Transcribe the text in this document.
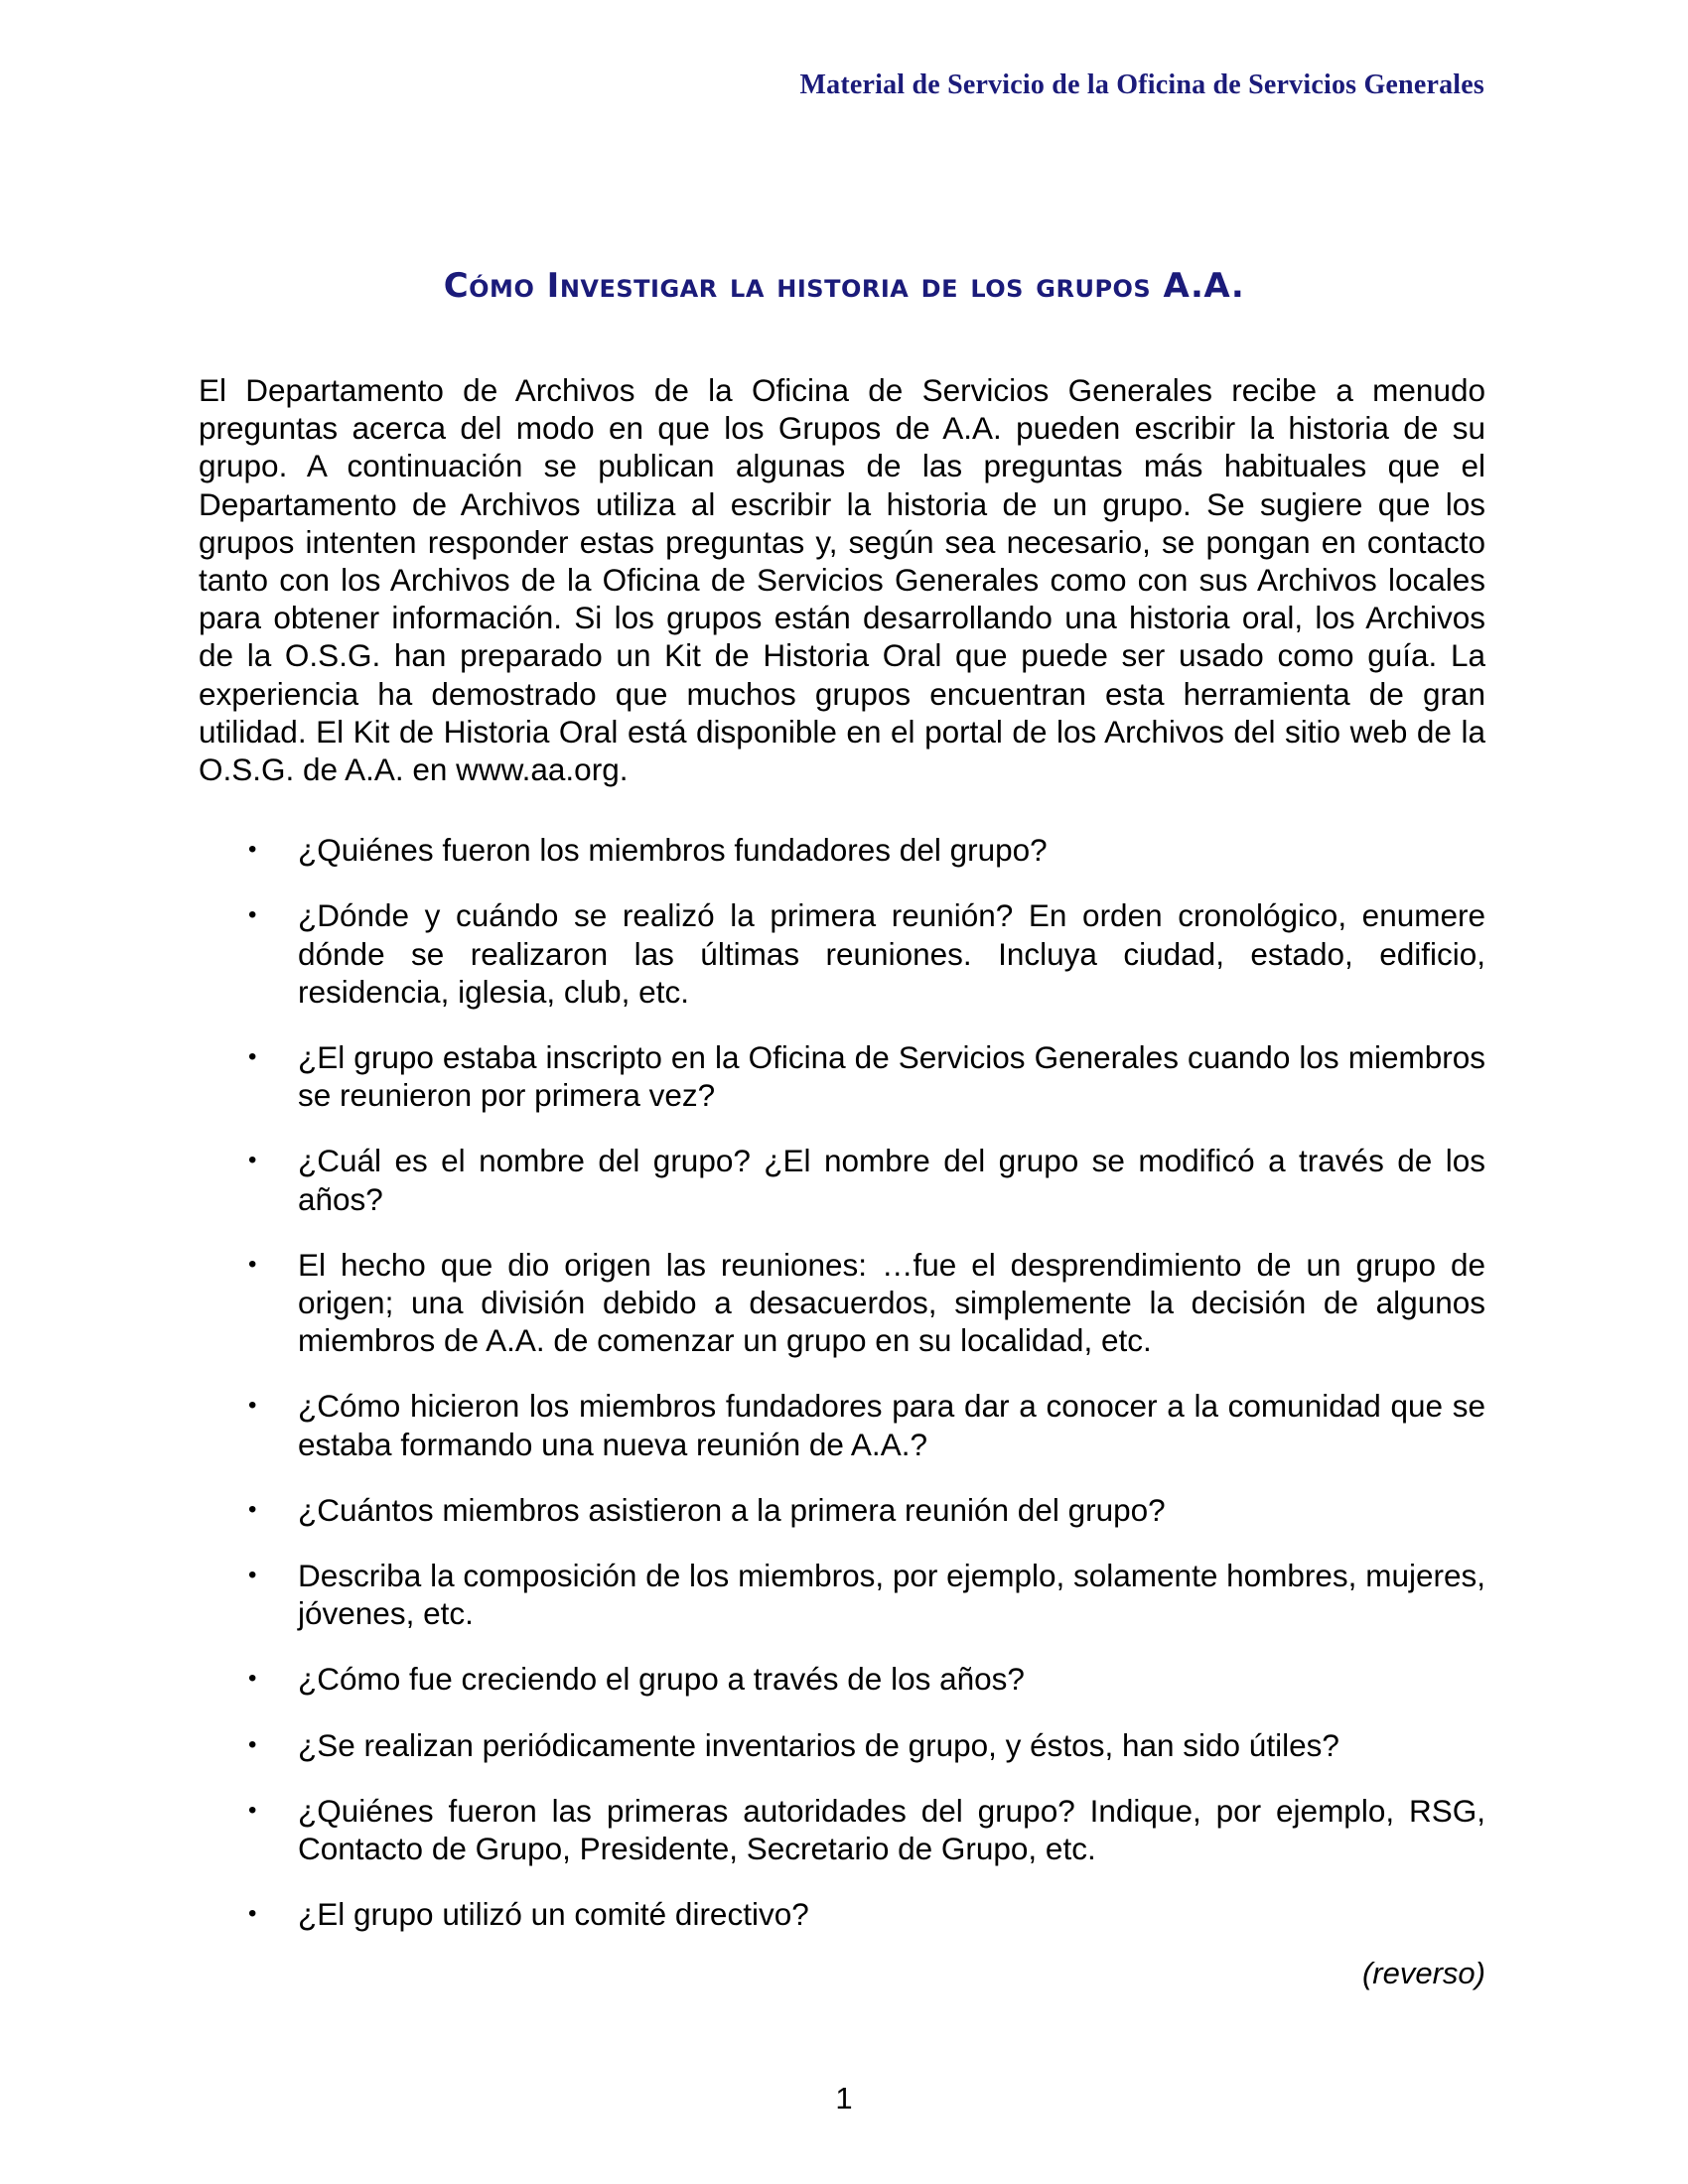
Material de Servicio de la Oficina de Servicios Generales
Cómo Investigar la historia de los grupos A.A.

El Departamento de Archivos de la Oficina de Servicios Generales recibe a menudo preguntas acerca del modo en que los Grupos de A.A. pueden escribir la historia de su grupo. A continuación se publican algunas de las preguntas más habituales que el Departamento de Archivos utiliza al escribir la historia de un grupo. Se sugiere que los grupos intenten responder estas preguntas y, según sea necesario, se pongan en contacto tanto con los Archivos de la Oficina de Servicios Generales como con sus Archivos locales para obtener información. Si los grupos están desarrollando una historia oral, los Archivos de la O.S.G. han preparado un Kit de Historia Oral que puede ser usado como guía. La experiencia ha demostrado que muchos grupos encuentran esta herramienta de gran utilidad. El Kit de Historia Oral está disponible en el portal de los Archivos del sitio web de la O.S.G. de A.A. en www.aa.org.

• ¿Quiénes fueron los miembros fundadores del grupo?
• ¿Dónde y cuándo se realizó la primera reunión? En orden cronológico, enumere dónde se realizaron las últimas reuniones. Incluya ciudad, estado, edificio, residencia, iglesia, club, etc.
• ¿El grupo estaba inscripto en la Oficina de Servicios Generales cuando los miembros se reunieron por primera vez?
• ¿Cuál es el nombre del grupo? ¿El nombre del grupo se modificó a través de los años?
• El hecho que dio origen las reuniones: …fue el desprendimiento de un grupo de origen; una división debido a desacuerdos, simplemente la decisión de algunos miembros de A.A. de comenzar un grupo en su localidad, etc.
• ¿Cómo hicieron los miembros fundadores para dar a conocer a la comunidad que se estaba formando una nueva reunión de A.A.?
• ¿Cuántos miembros asistieron a la primera reunión del grupo?
• Describa la composición de los miembros, por ejemplo, solamente hombres, mujeres, jóvenes, etc.
• ¿Cómo fue creciendo el grupo a través de los años?
• ¿Se realizan periódicamente inventarios de grupo, y éstos, han sido útiles?
• ¿Quiénes fueron las primeras autoridades del grupo? Indique, por ejemplo, RSG, Contacto de Grupo, Presidente, Secretario de Grupo, etc.
• ¿El grupo utilizó un comité directivo?
(reverso)
1
